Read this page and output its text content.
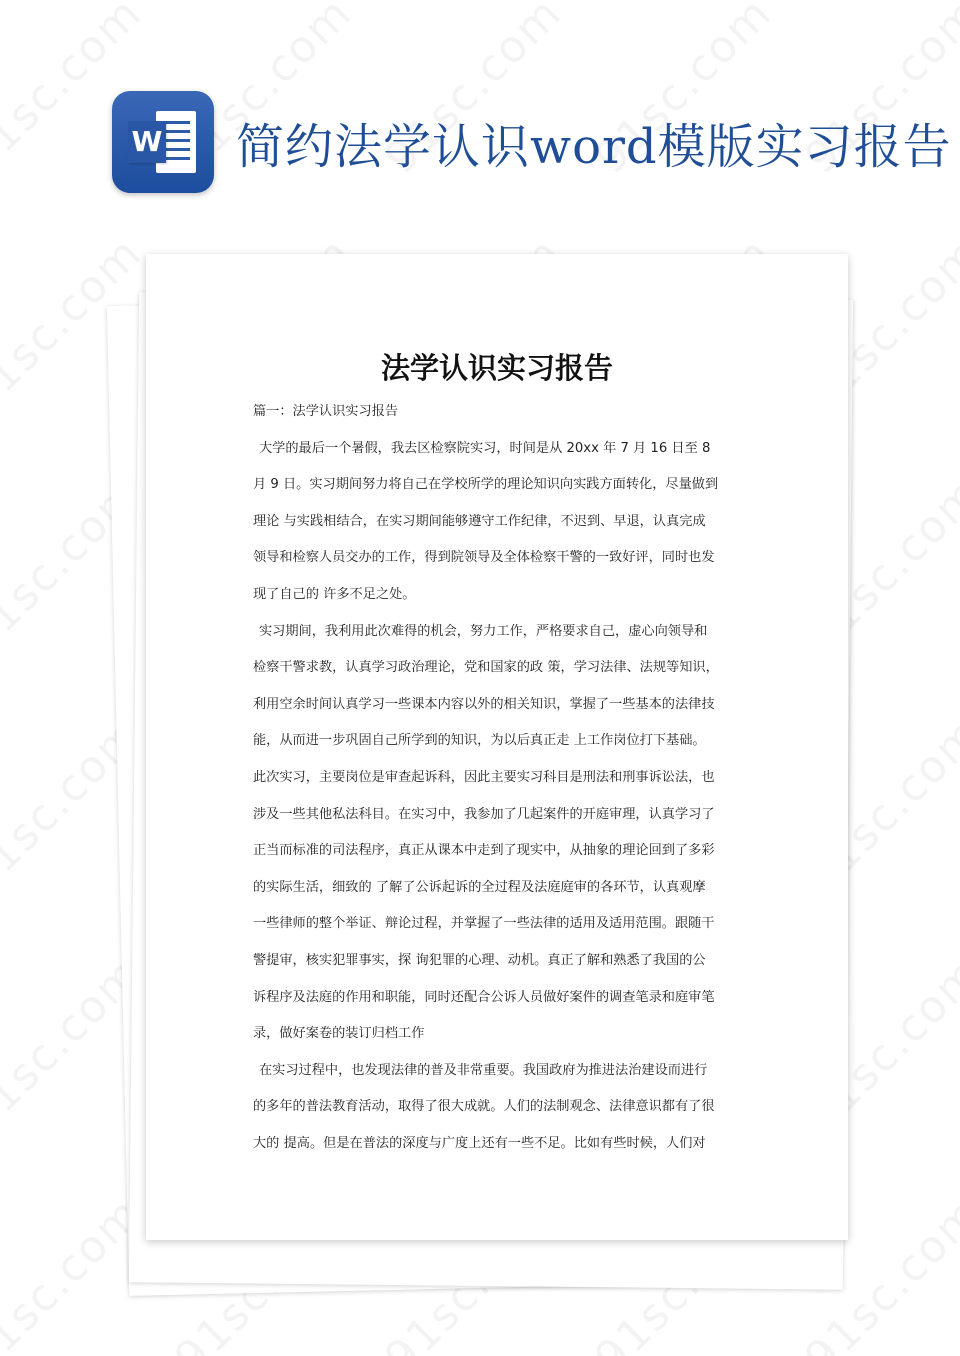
W 简约法学认识word模版实习报告
法学认识实习报告
篇一：法学认识实习报告
大学的最后一个暑假，我去区检察院实习，时间是从 20xx 年 7 月 16 日至 8
月 9 日。实习期间努力将自己在学校所学的理论知识向实践方面转化，尽量做到
理论 与实践相结合，在实习期间能够遵守工作纪律，不迟到、早退，认真完成
领导和检察人员交办的工作，得到院领导及全体检察干警的一致好评，同时也发
现了自己的 许多不足之处。
实习期间，我利用此次难得的机会，努力工作，严格要求自己，虚心向领导和
检察干警求教，认真学习政治理论，党和国家的政 策，学习法律、法规等知识，
利用空余时间认真学习一些课本内容以外的相关知识，掌握了一些基本的法律技
能，从而进一步巩固自己所学到的知识，为以后真正走 上工作岗位打下基础。
此次实习，主要岗位是审查起诉科，因此主要实习科目是刑法和刑事诉讼法，也
涉及一些其他私法科目。在实习中，我参加了几起案件的开庭审理，认真学习了
正当而标准的司法程序，真正从课本中走到了现实中，从抽象的理论回到了多彩
的实际生活，细致的 了解了公诉起诉的全过程及法庭庭审的各环节，认真观摩
一些律师的整个举证、辩论过程，并掌握了一些法律的适用及适用范围。跟随干
警提审，核实犯罪事实，探 询犯罪的心理、动机。真正了解和熟悉了我国的公
诉程序及法庭的作用和职能，同时还配合公诉人员做好案件的调查笔录和庭审笔
录，做好案卷的装订归档工作
在实习过程中，也发现法律的普及非常重要。我国政府为推进法治建设而进行
的多年的普法教育活动，取得了很大成就。人们的法制观念、法律意识都有了很
大的 提高。但是在普法的深度与广度上还有一些不足。比如有些时候，人们对
